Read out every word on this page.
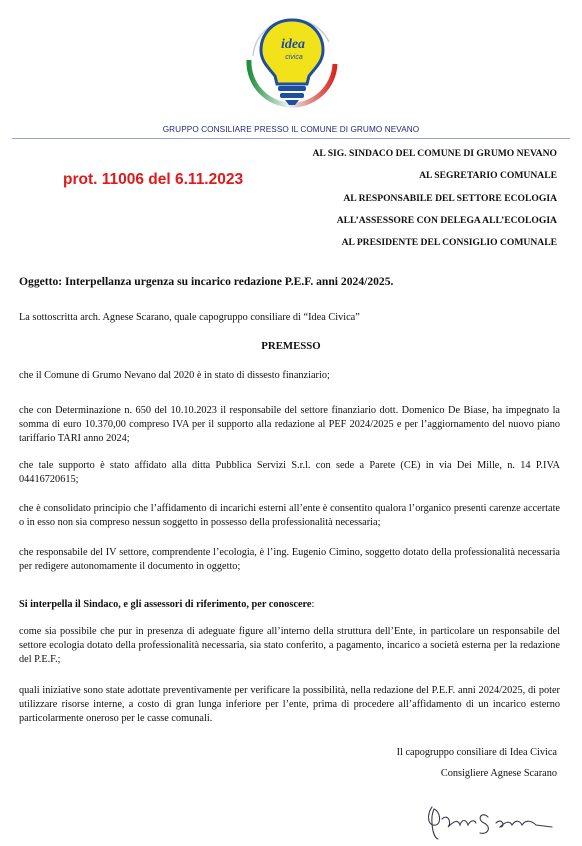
idea
civica
GRUPPO CONSILIARE PRESSO IL COMUNE DI GRUMO NEVANO
AL SIG. SINDACO DEL COMUNE DI GRUMO NEVANO
AL SEGRETARIO COMUNALE
AL RESPONSABILE DEL SETTORE ECOLOGIA
ALL’ASSESSORE CON DELEGA ALL’ECOLOGIA
AL PRESIDENTE DEL CONSIGLIO COMUNALE
prot. 11006 del 6.11.2023
Oggetto: Interpellanza urgenza su incarico redazione P.E.F. anni 2024/2025.
La sottoscritta arch. Agnese Scarano, quale capogruppo consiliare di “Idea Civica”
PREMESSO
che il Comune di Grumo Nevano dal 2020 è in stato di dissesto finanziario;
che con Determinazione n. 650 del 10.10.2023 il responsabile del settore finanziario dott. Domenico De Biase, ha impegnato la somma di euro 10.370,00 compreso IVA per il supporto alla redazione al PEF 2024/2025 e per l’aggiornamento del nuovo piano tariffario TARI anno 2024;
che tale supporto è stato affidato alla ditta Pubblica Servizi S.r.l. con sede a Parete (CE) in via Dei Mille, n. 14 P.IVA 04416720615;
che è consolidato principio che l’affidamento di incarichi esterni all’ente è consentito qualora l’organico presenti carenze accertate o in esso non sia compreso nessun soggetto in possesso della professionalità necessaria;
che responsabile del IV settore, comprendente l’ecologia, è l’ing. Eugenio Cimino, soggetto dotato della professionalità necessaria per redigere autonomamente il documento in oggetto;
Si interpella il Sindaco, e gli assessori di riferimento, per conoscere:
come sia possibile che pur in presenza di adeguate figure all’interno della struttura dell’Ente, in particolare un responsabile del settore ecologia dotato della professionalità necessaria, sia stato conferito, a pagamento, incarico a società esterna per la redazione del P.E.F.;
quali iniziative sono state adottate preventivamente per verificare la possibilità, nella redazione del P.E.F. anni 2024/2025, di poter utilizzare risorse interne, a costo di gran lunga inferiore per l’ente, prima di procedere all’affidamento di un incarico esterno particolarmente oneroso per le casse comunali.
Il capogruppo consiliare di Idea Civica
Consigliere Agnese Scarano
